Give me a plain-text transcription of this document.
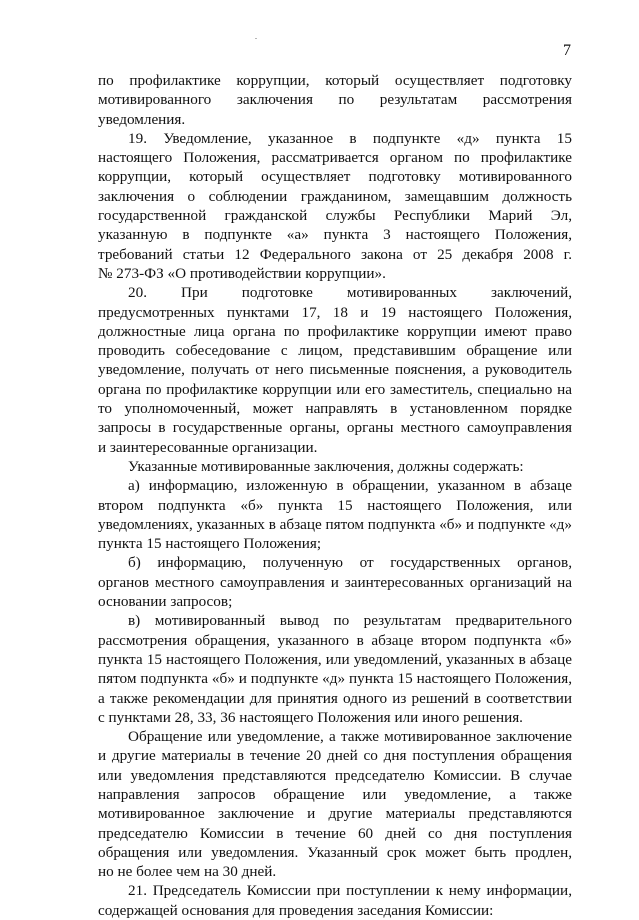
7
по профилактике коррупции, который осуществляет подготовку
мотивированного заключения по результатам рассмотрения
уведомления.
19. Уведомление, указанное в подпункте «д» пункта 15
настоящего Положения, рассматривается органом по профилактике
коррупции, который осуществляет подготовку мотивированного
заключения о соблюдении гражданином, замещавшим должность
государственной гражданской службы Республики Марий Эл,
указанную в подпункте «а» пункта 3 настоящего Положения,
требований статьи 12 Федерального закона от 25 декабря 2008 г.
№ 273-ФЗ «О противодействии коррупции».
20. При подготовке мотивированных заключений,
предусмотренных пунктами 17, 18 и 19 настоящего Положения,
должностные лица органа по профилактике коррупции имеют право
проводить собеседование с лицом, представившим обращение или
уведомление, получать от него письменные пояснения, а руководитель
органа по профилактике коррупции или его заместитель, специально на
то уполномоченный, может направлять в установленном порядке
запросы в государственные органы, органы местного самоуправления
и заинтересованные организации.
Указанные мотивированные заключения, должны содержать:
а) информацию, изложенную в обращении, указанном в абзаце
втором подпункта «б» пункта 15 настоящего Положения, или
уведомлениях, указанных в абзаце пятом подпункта «б» и подпункте «д»
пункта 15 настоящего Положения;
б) информацию, полученную от государственных органов,
органов местного самоуправления и заинтересованных организаций на
основании запросов;
в) мотивированный вывод по результатам предварительного
рассмотрения обращения, указанного в абзаце втором подпункта «б»
пункта 15 настоящего Положения, или уведомлений, указанных в абзаце
пятом подпункта «б» и подпункте «д» пункта 15 настоящего Положения,
а также рекомендации для принятия одного из решений в соответствии
с пунктами 28, 33, 36 настоящего Положения или иного решения.
Обращение или уведомление, а также мотивированное заключение
и другие материалы в течение 20 дней со дня поступления обращения
или уведомления представляются председателю Комиссии. В случае
направления запросов обращение или уведомление, а также
мотивированное заключение и другие материалы представляются
председателю Комиссии в течение 60 дней со дня поступления
обращения или уведомления. Указанный срок может быть продлен,
но не более чем на 30 дней.
21. Председатель Комиссии при поступлении к нему информации,
содержащей основания для проведения заседания Комиссии:
